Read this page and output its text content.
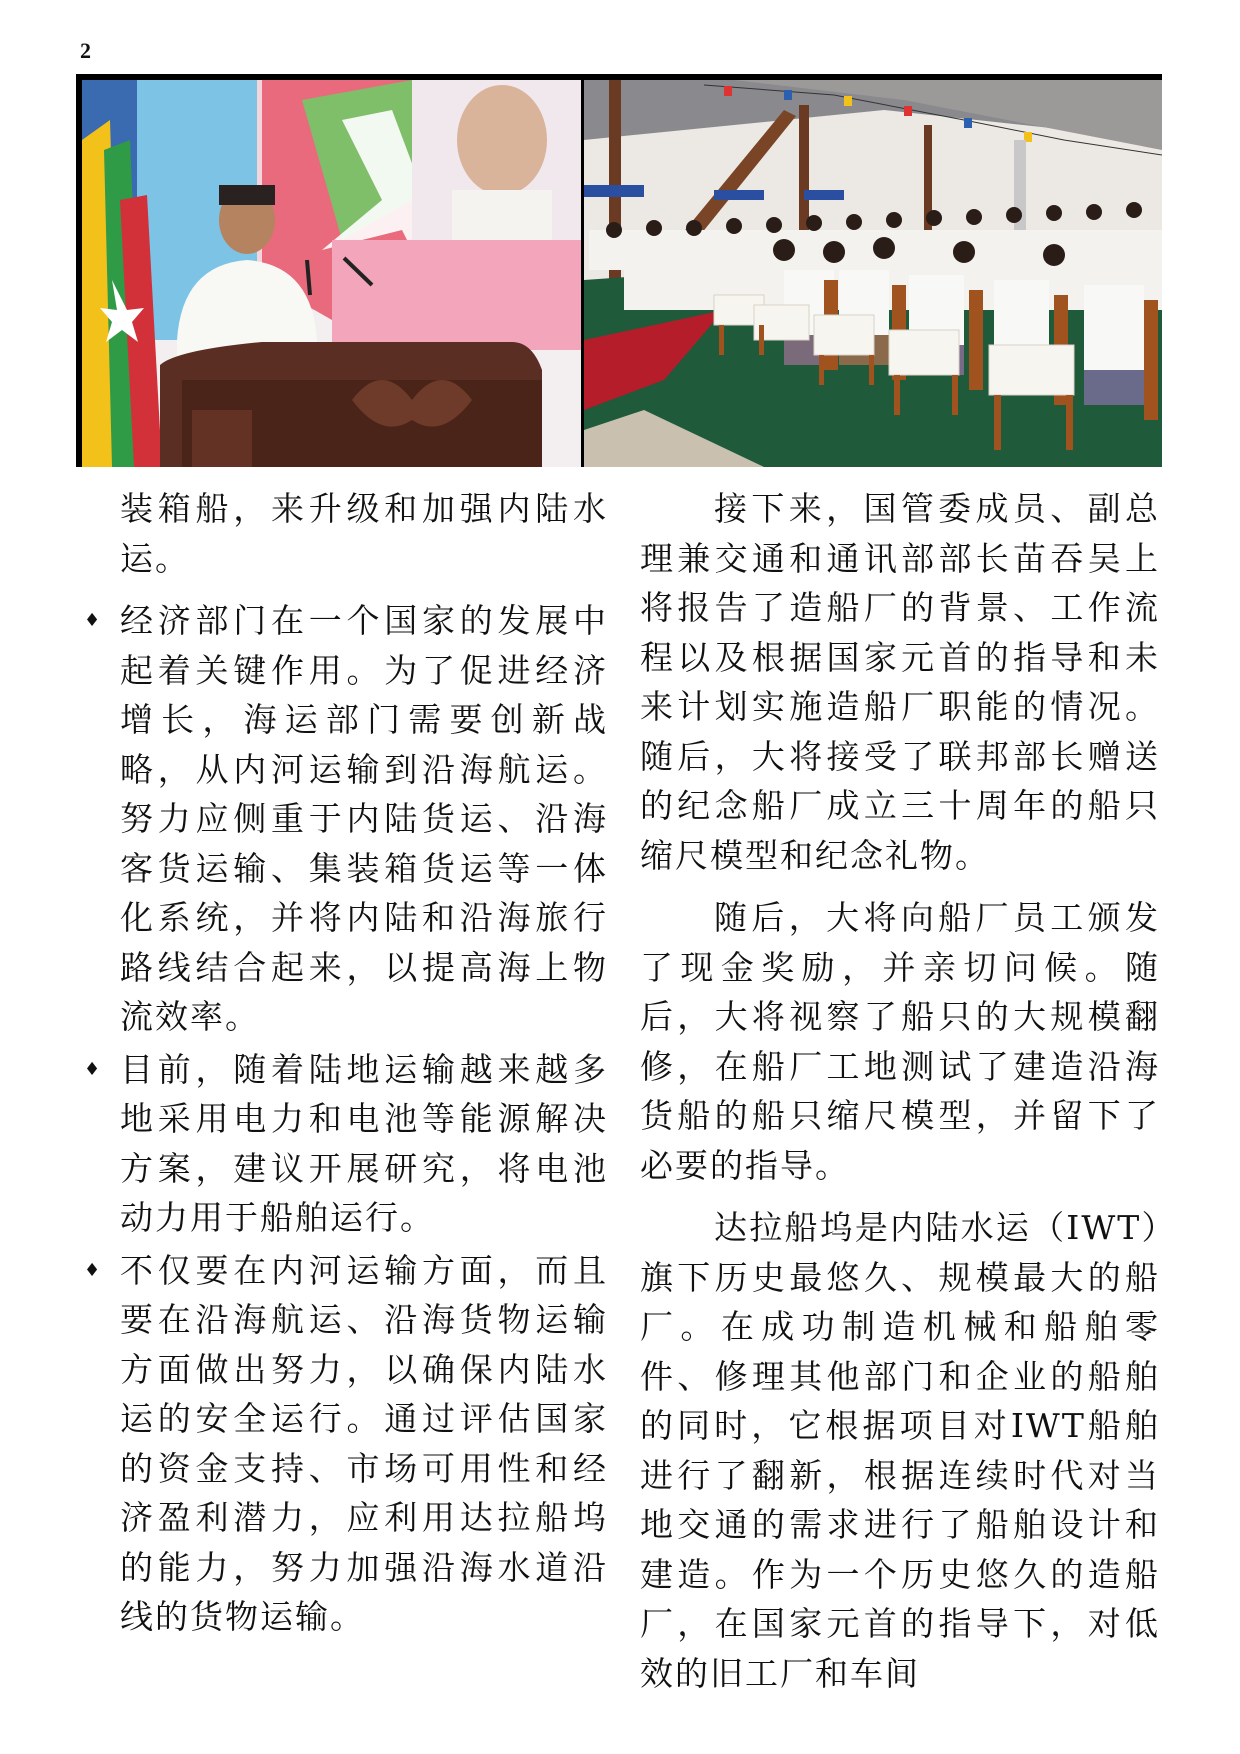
2

装箱船，来升级和加强内陆水运。

♦ 经济部门在一个国家的发展中起着关键作用。为了促进经济增长，海运部门需要创新战略，从内河运输到沿海航运。努力应侧重于内陆货运、沿海客货运输、集装箱货运等一体化系统，并将内陆和沿海旅行路线结合起来，以提高海上物流效率。
♦ 目前，随着陆地运输越来越多地采用电力和电池等能源解决方案，建议开展研究，将电池动力用于船舶运行。
♦ 不仅要在内河运输方面，而且要在沿海航运、沿海货物运输方面做出努力，以确保内陆水运的安全运行。通过评估国家的资金支持、市场可用性和经济盈利潜力，应利用达拉船坞的能力，努力加强沿海水道沿线的货物运输。

接下来，国管委成员、副总理兼交通和通讯部部长苗吞吴上将报告了造船厂的背景、工作流程以及根据国家元首的指导和未来计划实施造船厂职能的情况。随后，大将接受了联邦部长赠送的纪念船厂成立三十周年的船只缩尺模型和纪念礼物。

随后，大将向船厂员工颁发了现金奖励，并亲切问候。随后，大将视察了船只的大规模翻修，在船厂工地测试了建造沿海货船的船只缩尺模型，并留下了必要的指导。

达拉船坞是内陆水运（IWT）旗下历史最悠久、规模最大的船厂。在成功制造机械和船舶零件、修理其他部门和企业的船舶的同时，它根据项目对IWT船舶进行了翻新，根据连续时代对当地交通的需求进行了船舶设计和建造。作为一个历史悠久的造船厂，在国家元首的指导下，对低效的旧工厂和车间
